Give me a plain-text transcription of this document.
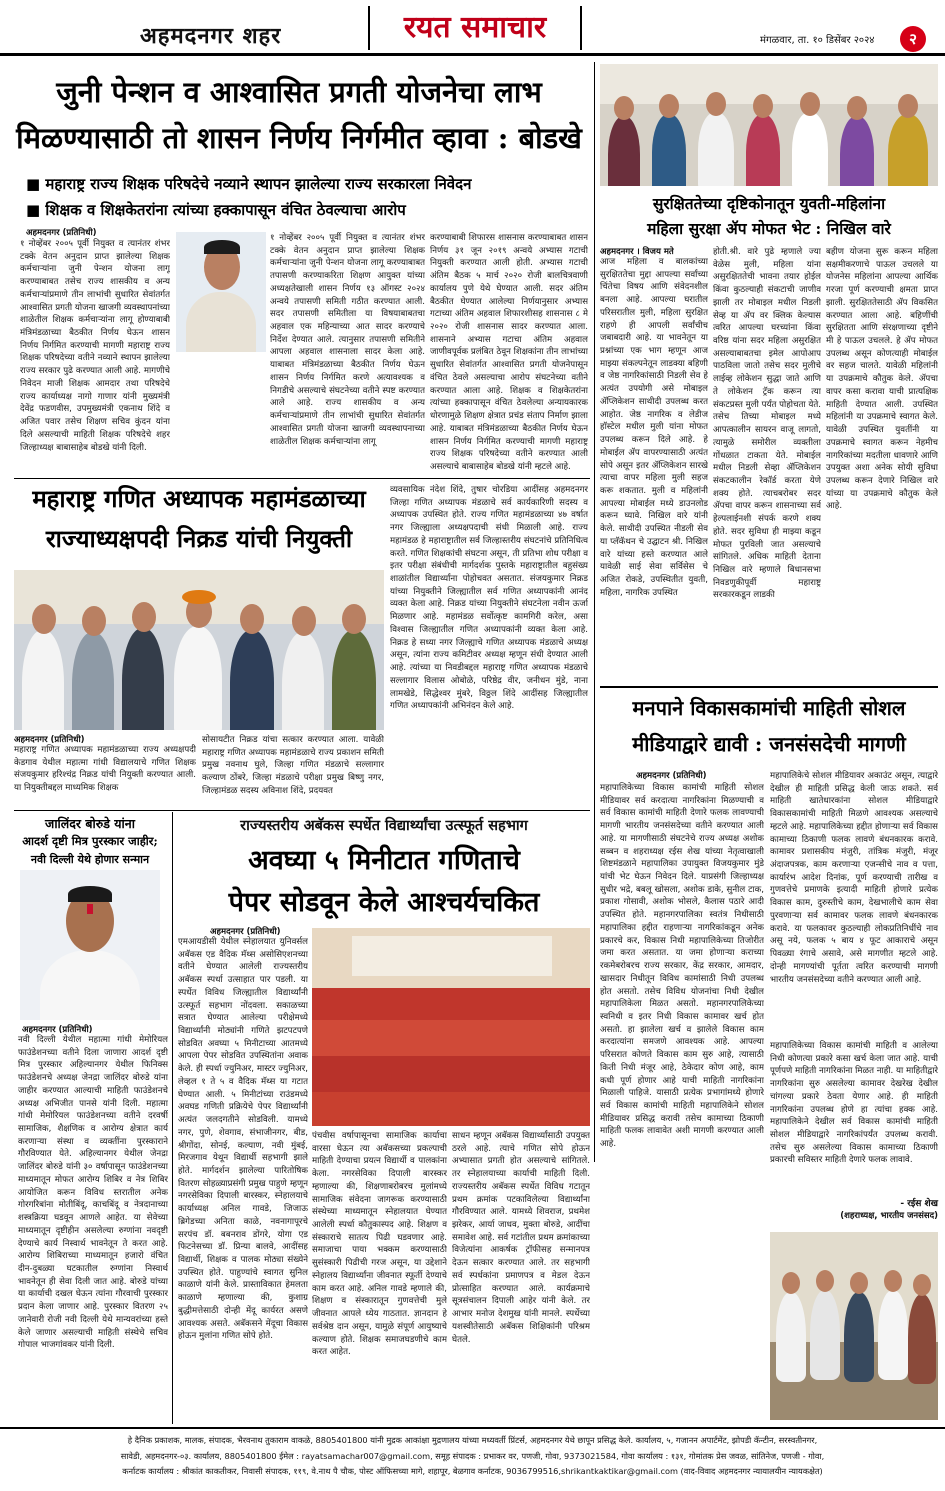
अहमदनगर शहर	रयत समाचार	मंगळवार, ता. १० डिसेंबर २०२४	२
जुनी पेन्शन व आश्वासित प्रगती योजनेचा लाभ
मिळण्यासाठी तो शासन निर्णय निर्गमीत व्हावा : बोडखे
■ महाराष्ट्र राज्य शिक्षक परिषदेचे नव्याने स्थापन झालेल्या राज्य सरकारला निवेदन
■ शिक्षक व शिक्षकेतरांना त्यांच्या हक्कापासून वंचित ठेवल्याचा आरोप
अहमदनगर (प्रतिनिधी)
१ नोव्हेंबर २००५ पूर्वी नियुक्त व त्यानंतर शंभर टक्के वेतन अनुदान प्राप्त झालेल्या शिक्षक कर्मचाऱ्यांना जुनी पेन्शन योजना लागू करण्याबाबत तसेच राज्य शासकीय व अन्य कर्मचाऱ्यांप्रमाणे तीन लाभांची सुधारित सेवांतर्गत आश्वासित प्रगती योजना खाजगी व्यवस्थापनांच्या शाळेतील शिक्षक कर्मचाऱ्यांना लागू होण्याबाबी मंत्रिमंडळाच्या बैठकीत निर्णय घेऊन शासन निर्णय निर्गमित करण्याची मागणी महाराष्ट्र राज्य शिक्षक परिषदेच्या वतीने नव्याने स्थापन झालेल्या राज्य सरकार पुढे करण्यात आली आहे. मागणीचे निवेदन माजी शिक्षक आमदार तथा परिषदेचे राज्य कार्याध्यक्ष नागो गाणार यांनी मुख्यमंत्री देवेंद्र फडणवीस, उपमुख्यमंत्री एकनाथ शिंदे व अजित पवार तसेच शिक्षण सचिव कुंदन यांना दिले असल्याची माहिती शिक्षक परिषदेचे शहर जिल्हाध्यक्ष बाबासाहेब बोडखे यांनी दिली.
१ नोव्हेंबर २००५ पूर्वी नियुक्त व त्यानंतर शंभर टक्के वेतन अनुदान प्राप्त झालेल्या शिक्षक कर्मचाऱ्यांना जुनी पेन्शन योजना लागू करण्याबाबत तपासणी करण्याकरिता शिक्षण आयुक्त यांच्या अध्यक्षतेखाली शासन निर्णय १३ ऑगस्ट २०२४ अन्वये तपासणी समिती गठीत करण्यात आली. सदर तपासणी समितीला या विषयाबाबतचा अहवाल एक महिन्याच्या आत सादर करण्याचे निर्देश देण्यात आले. त्यानुसार तपासणी समितीने आपला अहवाल शासनाला सादर केला आहे. याबाबत मंत्रिमंडळाच्या बैठकीत निर्णय घेऊन शासन निर्णय निर्गमित करणे अत्यावश्यक व निगडीचे असल्याचे संघटनेच्या वतीने स्पष्ट करण्यात आले आहे. राज्य शासकीय व अन्य कर्मचाऱ्यांप्रमाणे तीन लाभांची सुधारित सेवांतर्गत आश्वासित प्रगती योजना खाजगी व्यवस्थापनाच्या शाळेतील शिक्षक कर्मचाऱ्यांना लागू
करण्याबाबी शिफारस शासनास करण्याबाबत शासन निर्णय ३१ जून २०१९ अन्वये अभ्यास गटाची नियुक्ती करण्यात आली होती. अभ्यास गटाची अंतिम बैठक ५ मार्च २०२० रोजी बालचित्रवाणी कार्यालय पुणे येथे घेण्यात आली. सदर अंतिम बैठकीत घेण्यात आलेल्या निर्णयानुसार अभ्यास गटाच्या अंतिम अहवाल शिफारशीसह शासनास ८ मे २०२० रोजी शासनास सादर करण्यात आला. शासनाने अभ्यास गटाचा अंतिम अहवाल जाणीवपूर्वक प्रलंबित ठेवून शिक्षकांना तीन लाभांच्या सुधारित सेवांतर्गत आश्वासित प्रगती योजनेपासून वंचित ठेवले असल्याचा आरोप संघटनेच्या वतीने करण्यात आला आहे. शिक्षक व शिक्षकेतरांना त्यांच्या हक्कापासून वंचित ठेवलेल्या अन्यायकारक धोरणामुळे शिक्षण क्षेत्रात प्रचंड संताप निर्माण झाला आहे. याबाबत मंत्रिमंडळाच्या बैठकीत निर्णय घेऊन शासन निर्णय निर्गमित करण्याची मागणी महाराष्ट्र राज्य शिक्षक परिषदेच्या वतीने करण्यात आली असल्याचे बाबासाहेब बोडखे यांनी म्हटले आहे.
सुरक्षिततेच्या दृष्टिकोनातून युवती-महिलांना
महिला सुरक्षा ॲप मोफत भेट : निखिल वारे
अहमदनगर । विजय मते
आज महिला व बालकांच्या सुरक्षिततेचा मुद्दा आपल्या सर्वांच्या चिंतेचा विषय आणि संवेदनशील बनला आहे. आपल्या घरातील परिसरातील मुली, महिला सुरक्षित राहणे ही आपली सर्वांचीच जबाबदारी आहे. या भावनेतून या प्रश्नांच्या एक भाग म्हणून आज माझ्या संकल्पनेतून लाडक्या बहिणी व जेष्ठ नागरिकांसाठी निडली सेव हे अत्यंत उपयोगी असे मोबाइल ॲप्लिकेशन साथीदी उपलब्ध करत आहोत. जेष्ठ नागरिक व लेडीज हॉस्टेल मधील मुली यांना मोफत उपलब्ध करून दिले आहे. हे मोबाईल ॲप वापरण्यासाठी अत्यंत सोपे असून इतर ॲप्लिकेशन सारखे त्याचा वापर महिला मुली सहज करू शकतात. मुली व महिलांनी आपल्या मोबाईल मध्ये डाउनलोड करून घ्यावे. निखिल वारे यांनी केले. साथीदी उपस्थित नीडली सेव या प्लॅकॅथन चे उद्घाटन श्री. निखिल वारे यांच्या हस्ते करण्यात आले यावेळी साई सेवा सर्विसेस चे अजित रोकडे, उपस्थितीत युवती, महिला, नागरिक उपस्थित
होती.श्री. वारे पुढे म्हणाले ज्या वेळेस मुली, महिला यांना असुरक्षिततेची भावना तयार होईल किंवा कुठल्याही संकटाची जाणीव झाली तर मोबाइल मधील निडली सेव्ह या ॲप वर क्लिक केल्यास त्वरित आपल्या घरच्यांना किंवा वरिष्ठ यांना सदर महिला असुरक्षित असल्याबाबतचा इमेल आपोआप पाठविला जातो तसेच सदर मुलीचे लाईव्ह लोकेशन सुद्धा जाते आणि ते लोकेशन ट्रॅक करून त्या संकटप्रस्त मुली पर्यंत पोहोचता येते. तसेच तिच्या मोबाइल मध्ये आपत्कालीन सायरन वाजू लागतो, त्यामुळे समोरील व्यक्तीला गोंधळात टाकता येते. मोबाईल मधील निडली सेव्हा ॲप्लिकेशन संकटकालीन रेकॉर्ड करता येणे शक्य होते. त्याचबरोबर सदर ॲपचा वापर करून शासनाच्या सर्व हेल्पलाईनशी संपर्क करणे शक्य होते. सदर सुविधा ही माझ्या कडून मोफत पुरविली जात असल्याचे सांगितले. अधिक माहिती देताना निखिल वारे म्हणाले बिधानसभा निवडणुकीपूर्वी महाराष्ट्र सरकारकडून लाडकी
बहीण योजना सुरू करून महिला सक्षमीकरणाचे पाऊल उचलले या योजनेस महिलांना आपल्या आर्थिक गरजा पूर्ण करण्याची क्षमता प्राप्त झाली. सुरक्षिततेसाठी ॲप विकसित करण्यात आला आहे. बहिणींची सुरक्षितता आणि संरक्षणाच्या दृष्टीने मी हे पाऊल उचलले. हे ॲप मोफत उपलब्ध असून कोणत्याही मोबाईल वर सहज चालते. यावेळी महिलांनी या उपक्रमाचे कौतुक केले. ॲपचा वापर कसा करावा याची प्रात्यक्षिक माहिती देण्यात आली. उपस्थित महिलांनी या उपक्रमाचे स्वागत केले. यावेळी उपस्थित युवतींनी या उपक्रमाचे स्वागत करून नेहमीच नागरिकांच्या मदतीला धावणारे आणि उपयुक्त अशा अनेक सोयी सुविधा उपलब्ध करून देणारे निखिल वारे यांच्या या उपक्रमाचे कौतुक केले आहे.
महाराष्ट्र गणित अध्यापक महामंडळाच्या
राज्याध्यक्षपदी निक्रड यांची नियुक्ती
अहमदनगर (प्रतिनिधी)
महाराष्ट्र गणित अध्यापक महामंडळाच्या राज्य अध्यक्षपदी केडगाव येथील महात्मा गांधी विद्यालयाचे गणित शिक्षक संजयकुमार हरिश्चंद्र निक्रड यांची नियुक्ती करण्यात आली. या नियुक्तीबद्दल माध्यमिक शिक्षक
सोसायटीत निक्रड यांचा सत्कार करण्यात आला. यावेळी महाराष्ट्र गणित अध्यापक महामंडळाचे राज्य प्रकाशन समिती प्रमुख नवनाथ घुले, जिल्हा गणित मंडळाचे सल्लागार कल्याण ठोंबरे, जिल्हा मंडळाचे परीक्षा प्रमुख बिष्णु नगर, जिल्हामंडळ सदस्य अविनाश शिंदे, प्रदयवत
व्यवसायिक नंदेश शिंदे, तुषार चोरडिया आदींसह अहमदनगर जिल्हा गणित अध्यापक मंडळाचे सर्व कार्यकारिणी सदस्य व अध्यापक उपस्थित होते. राज्य गणित महामंडळाच्या ४७ वर्षात नगर जिल्ह्याला अध्यक्षपदाची संधी मिळाली आहे. राज्य महामंडळ हे महाराष्ट्रातील सर्व जिल्हास्तरीय संघटनांचे प्रतिनिधित्व करते. गणित शिक्षकांची संघटना असून, ती प्रतिभा शोध परीक्षा व इतर परीक्षा संबंधीची मार्गदर्शक पुस्तके महाराष्ट्रातील बहुसंख्य शाळांतील विद्यार्थ्यांना पोहोचवत असतात. संजयकुमार निक्रड यांच्या नियुक्तीने जिल्ह्यातील सर्व गणित अध्यापकांनी आनंद व्यक्त केला आहे. निक्रड यांच्या नियुक्तीने संघटनेला नवीन ऊर्जा मिळणार आहे. महामंडळ सर्वोत्कृष्ट कामगिरी करेल, असा विश्वास जिल्ह्यातील गणित अध्यापकांनी व्यक्त केला आहे. निक्रड हे सध्या नगर जिल्ह्याचे गणित अध्यापक मंडळाचे अध्यक्ष असून, त्यांना राज्य कमिटीवर अध्यक्ष म्हणून संधी देण्यात आली आहे. त्यांच्या या निवडीबद्दल महाराष्ट्र गणित अध्यापक मंडळाचे सल्लागार विलास ओबोळे, परिष्ठेद्र वीर, जनीधन मुंडे, नाना लामखेडे, सिद्धेश्वर मुंबरे, विठ्ठल शिंदे आदींसह जिल्ह्यातील गणित अध्यापकांनी अभिनंदन केले आहे.	मनपाने विकासकामांची माहिती सोशल
मीडियाद्वारे द्यावी : जनसंसदेची मागणी
अहमदनगर (प्रतिनिधी)
महापालिकेच्या विकास कामांची माहिती सोशल मीडियावर सर्व करदात्या नागरिकांना मिळण्याची व सर्व विकास कामांची माहिती देणारे फलक लावण्याची मागणी भारतीय जनसंसदेच्या वतीने करण्यात आली आहे. या मागणीसाठी संघटनेचे राज्य अध्यक्ष अशोक सब्बन व शहराध्यक्ष रईस शेख यांच्या नेतृत्वाखाली शिष्टमंडळाने महापालिका उपायुक्त विजयकुमार मुंडे यांची भेट घेऊन निवेदन दिले. याप्रसंगी जिल्हाध्यक्ष सुधीर भद्रे, बबलू खोसला, अशोक डाके, सुनील टाक, प्रकाश गोसावी, अशोक भोसले, कैलास पठारे आदी उपस्थित होते. महानगरपालिका स्वतंत्र निधीसाठी महापालिका हद्दीत राहणाऱ्या नागरिकांकडून अनेक प्रकारचे कर, विकास निधी महापालिकेच्या तिजोरीत जमा करत असतात. या जमा होणाऱ्या कराच्या रकमेबरोबरच राज्य सरकार, केंद्र सरकार, आमदार, खासदार निधीतून विविध कामांसाठी निधी उपलब्ध होत असतो. तसेच विविध योजनांचा निधी देखील महापालिकेला मिळत असतो. महानगरपालिकेच्या स्वनिधी व इतर निधी विकास कामावर खर्च होत असतो. हा झालेला खर्च व झालेले विकास काम करदात्यांना समजणे आवश्यक आहे. आपल्या परिसरात कोणते विकास काम सुरु आहे, त्यासाठी किती निधी मंजूर आहे, ठेकेदार कोण आहे, काम कधी पूर्ण होणार आहे याची माहिती नागरिकांना मिळाली पाहिजे. यासाठी प्रत्येक प्रभागांमध्ये होणारे सर्व विकास कामांची माहिती महापालिकेने सोशल मीडियावर प्रसिद्ध करावी तसेच कामाच्या ठिकाणी माहिती फलक लावावेत अशी मागणी करण्यात आली आहे.
महापालिकेचे सोशल मीडियावर अकाउंट असून, त्याद्वारे देखील ही माहिती प्रसिद्ध केली जाऊ शकते. सर्व माहिती खातेधारकांना सोशल मीडियाद्वारे विकासकामांची माहिती मिळणे आवश्यक असल्याचे म्हटले आहे. महापालिकेच्या हद्दीत होणाऱ्या सर्व विकास कामाच्या ठिकाणी फलक लावणे बंधनकारक करावे. कामावर प्रशासकीय मंजुरी, तांत्रिक मंजुरी, मंजूर अंदाजपत्रक, काम करणाऱ्या एजन्सीचे नाव व पत्ता, कार्यारंभ आदेश दिनांक, पूर्ण करण्याची तारीख व गुणवत्तेचे प्रमाणके इत्यादी माहिती होणारे प्रत्येक विकास काम, दुरुस्तीचे काम, देखभालीचे काम सेवा पुरवणाऱ्या सर्व कामावर फलक लावणे बंधनकारक करावे. या फलकावर कुठल्याही लोकप्रतिनिधींचे नाव असू नये, फलक ५ बाय ४ फूट आकाराचे असून पिवळ्या रंगाचे असावे, असे मागणीत म्हटले आहे. दोन्ही मागण्यांची पूर्तता त्वरित करण्याची मागणी भारतीय जनसंसदेच्या वतीने करण्यात आली आहे.
महापालिकेच्या विकास कामांची माहिती व आलेल्या निधी कोणत्या प्रकारे कसा खर्च केला जात आहे. याची पूर्णपणे माहिती नागरिकांना मिळत नाही. या माहितीद्वारे नागरिकांना सुरु असलेल्या कामावर देखरेख देखील चांगल्या प्रकारे ठेवता येणार आहे. ही माहिती नागरिकांना उपलब्ध होणे हा त्यांचा हक्क आहे. महापालिकेने देखील सर्व विकास कामांची माहिती सोशल मीडियाद्वारे नागरिकांपर्यंत उपलब्ध करावी. तसेच सुरु असलेल्या विकास कामाच्या ठिकाणी प्रकारची सविस्तर माहिती देणारे फलक लावावे.
- रईस शेख
(शहराध्यक्ष, भारतीय जनसंसद)
जालिंदर बोरुडे यांना
आदर्श दृष्टी मित्र पुरस्कार जाहीर;
नवी दिल्ली येथे होणार सन्मान
अहमदनगर (प्रतिनिधी)
नवी दिल्ली येथील महात्मा गांधी मेमोरियल फाउंडेशनच्या वतीने दिला जाणारा आदर्श दृष्टी मित्र पुरस्कार अहिल्यानगर येथील फिनिक्स फाउंडेशनचे अध्यक्ष जेनद्रा जालिंदर बोरुडे यांना जाहीर करण्यात आल्याची माहिती फाउंडेशनचे अध्यक्ष अभिजीत पानसे यांनी दिली. महात्मा गांधी मेमोरियल फाउंडेशनच्या वतीने दरवर्षी सामाजिक, शैक्षणिक व आरोग्य क्षेत्रात कार्य करणाऱ्या संस्था व व्यक्तींना पुरस्काराने गौरविण्यात येते. अहिल्यानगर येथील जेनद्रा जालिंदर बोरुडे यांनी ३० वर्षापासून फाउंडेशनच्या माध्यमातून मोफत आरोग्य शिबिर व नेत्र शिबिर आयोजित करून विविध स्तरातील अनेक गोरगरिबांना मोतीबिंदू, काचबिंदू व नेत्रदानाच्या शस्त्रक्रिया घडवून आणले आहेत. या सेवेच्या माध्यमातून दृष्टीहीन असलेल्या रुग्णांना नवदृष्टी देण्याचे कार्य निस्वार्थ भावनेतून ते करत आहे. आरोग्य शिबिराच्या माध्यमातून हजारो वंचित दीन-दुबळ्या घटकातील रुग्णांना निस्वार्थ भावनेतून ही सेवा दिली जात आहे. बोरुडे यांच्या या कार्याची दखल घेऊन त्यांना गौरवाची पुरस्कार प्रदान केला जाणार आहे. पुरस्कार वितरण २५ जानेवारी रोजी नवी दिल्ली येथे मान्यवरांच्या हस्ते केले जाणार असल्याची माहिती संस्थेचे सचिव गोपाल भाजगांवकर यांनी दिली.
राज्यस्तरीय अबॅकस स्पर्धेत विद्यार्थ्यांचा उत्स्फूर्त सहभाग
अवघ्या ५ मिनीटात गणिताचे
पेपर सोडवून केले आश्चर्यचकित
अहमदनगर (प्रतिनिधी)
एमआयडीसी येथील स्नेहालयात युनिवर्सल अबॅकस एड वैदिक मॅथ्स असोसिएशनच्या वतीने घेण्यात आलेली राज्यस्तरीय अबॅकस स्पर्धा उत्साहात पार पडली. या स्पर्धेत विविध जिल्ह्यातील विद्यार्थ्यांनी उत्स्फूर्त सहभाग नोंदवला. सकाळच्या सत्रात घेण्यात आलेल्या परीक्षेमध्ये विद्यार्थ्यांनी मोठ्यांनी गणिते झटपटपणे सोडवित अवघ्या ५ मिनीटाच्या आतमध्ये आपला पेपर सोडवित उपस्थितांना अवाक केले. ही स्पर्धा ज्युनिअर, मास्टर ज्युनिअर, लेव्हल १ ते ५ व वैदिक मॅथ्स या गटात घेण्यात आली. ५ मिनीटांच्या राउंडमध्ये अवघड गणिती प्रक्रियेचे पेपर विद्यार्थ्यांनी अत्यंत जलदगतीने सोडविली. यामध्ये नगर, पुणे, शेवगाव, संभाजीनगर, बीड, श्रीगोंदा, सोनई, कल्याण, नवी मुंबई, मिरजगाव येथून विद्यार्थी सहभागी झाले होते. मार्गदर्शन झालेल्या पारितोषिक वितरण सोहळ्याप्रसंगी प्रमुख पाहुणे म्हणून नगरसेविका दिपाली बारस्कर, स्नेहालयाचे कार्याध्यक्ष अनिल गावडे, जिजाऊ ब्रिगेडच्या अनिता काळे, नवनागापूरचे सरपंच डॉ. बबनराव डोंगरे, योगा एड फिटनेसच्या डॉ. प्रिन्या बालवे, आदींसह विद्यार्थी, शिक्षक व पालक मोठ्या संख्येने उपस्थित होते. पाहुण्यांचे स्वागत सुनिल काळाणे यांनी केले. प्रास्ताविकात हेमलता काळाणे म्हणाल्या की, कुशाग्र बुद्धीमत्तेसाठी दोन्ही मेंदू कार्यरत असणे आवश्यक असते. अबॅकसने मेंदूचा विकास होऊन मुलांना गणित सोपे होते.
पंचवीस वर्षापासूनचा सामाजिक कार्याचा वारसा घेऊन त्या अबॅकसच्या प्रकल्पाची माहिती देण्याचा प्रयत्न विद्यार्थी व पालकांना केला. नगरसेविका दिपाली बारस्कर म्हणाल्या की, शिक्षणाबरोबरच मुलांमध्ये सामाजिक संवेदना जागरूक करण्यासाठी संस्थेच्या माध्यमातून स्नेहालयात घेण्यात आलेली स्पर्धा कौतुकास्पद आहे. शिक्षण व संस्काराचे सातत्य पिढी घडवणार आहे. समाजाचा पाया भक्कम करण्यासाठी सुसंस्कारी पिढीची गरज असून, या उद्देशाने स्नेहालय विद्यार्थ्यांना जीवनात स्फूर्ती देण्याचे काम करत आहे. अनिल गावडे म्हणाले की, शिक्षण व संस्कारातून गुणवत्तेची मुले जीवनात आपले ध्येय गाठतात. ज्ञानदान हे सर्वश्रेष्ठ दान असून, यामुळे संपूर्ण आयुष्याचे कल्याण होते. शिक्षक समाजघडणीचे काम करत आहेत.
साधन म्हणून अबॅकस विद्यार्थ्यांसाठी उपयुक्त ठरले आहे. त्याचे गणित सोपे होऊन अभ्यासात प्रगती होत असल्याचे सांगितले. तर स्नेहालयाच्या कार्याची माहिती दिली. राज्यस्तरीय अबॅकस स्पर्धेत विविध गटातून प्रथम क्रमांक पटकाविलेल्या विद्यार्थ्यांना गौरविण्यात आले. यामध्ये शिवराज, प्रथमेश झरेकर, आर्या जाधव, मुक्ता बोरुडे, आदींचा समावेश आहे. सर्व गटांतील प्रथम क्रमांकाच्या विजेत्यांना आकर्षक ट्रॉफीसह सन्मानपत्र देऊन सत्कार करण्यात आले. तर सहभागी सर्व स्पर्धकांना प्रमाणपत्र व मेडल देऊन प्रोत्साहित करण्यात आले. कार्यक्रमाचे सूत्रसंचालन दिपाली आहेर यांनी केले. तर आभार मनोज देशमुख यांनी मानले. स्पर्धेच्या यशस्वीतेसाठी अबॅकस शिक्षिकांनी परिश्रम घेतले.
हे दैनिक प्रकाशक, मालक, संपादक, भैरवनाथ तुकाराम वाकळे, 8805401800 यांनी मुद्रक आकांक्षा मुद्रणालय यांच्या मध्यवर्ती प्रिंटर्स, अहमदनगर येथे छापून प्रसिद्ध केले. कार्यालय, ५, गजानन अपार्टमेंट, झोपडी कॅन्टीन, सरस्वतीनगर,
सावेडी, अहमदनगर-०३. कार्यालय, 8805401800 ईमेल : rayatsamachar007@gmail.com, समूह संपादक : प्रभाकर वर, पणजी, गोवा, 9373021584, गोवा कार्यालय : १३१, गोमांतक प्रेस जवळ, सांतिनेज, पणजी - गोवा,
कर्नाटक कार्यालय : श्रीकांत काकतीकर, निवासी संपादक, ११९, वे.नाथ पै चौक, पोस्ट ऑफिसच्या मागे, शहापूर, बेळगाव कर्नाटक, 9036799516,shrikantkaktikar@gmail.com (वाद-विवाद अहमदनगर न्यायालयीन न्यायकक्षेत)
